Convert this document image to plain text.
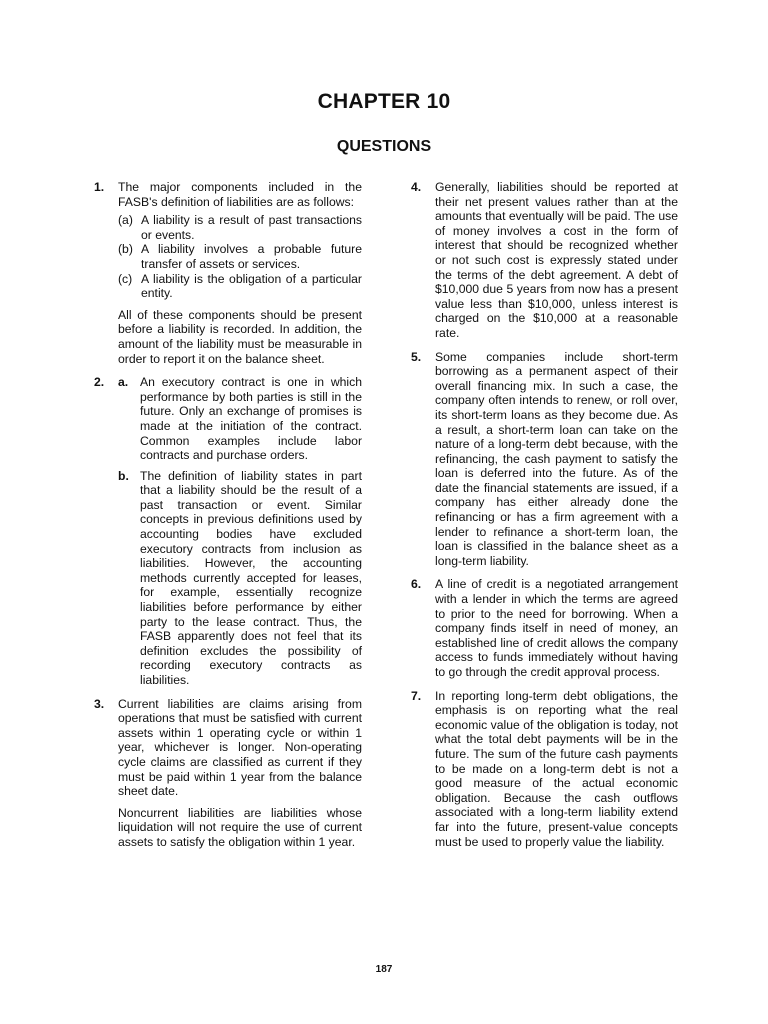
CHAPTER 10
QUESTIONS
1. The major components included in the FASB's definition of liabilities are as follows:

(a) A liability is a result of past transactions or events.
(b) A liability involves a probable future transfer of assets or services.
(c) A liability is the obligation of a particular entity.

All of these components should be present before a liability is recorded. In addition, the amount of the liability must be measurable in order to report it on the balance sheet.

2. a. An executory contract is one in which performance by both parties is still in the future. Only an exchange of promises is made at the initiation of the contract. Common examples include labor contracts and purchase orders.

b. The definition of liability states in part that a liability should be the result of a past transaction or event. Similar concepts in previous definitions used by accounting bodies have excluded executory contracts from inclusion as liabilities. However, the accounting methods currently accepted for leases, for example, essentially recognize liabilities before performance by either party to the lease contract. Thus, the FASB apparently does not feel that its definition excludes the possibility of recording executory contracts as liabilities.

3. Current liabilities are claims arising from operations that must be satisfied with current assets within 1 operating cycle or within 1 year, whichever is longer. Non-operating cycle claims are classified as current if they must be paid within 1 year from the balance sheet date.

Noncurrent liabilities are liabilities whose liquidation will not require the use of current assets to satisfy the obligation within 1 year.

4. Generally, liabilities should be reported at their net present values rather than at the amounts that eventually will be paid. The use of money involves a cost in the form of interest that should be recognized whether or not such cost is expressly stated under the terms of the debt agreement. A debt of $10,000 due 5 years from now has a present value less than $10,000, unless interest is charged on the $10,000 at a reasonable rate.

5. Some companies include short-term borrowing as a permanent aspect of their overall financing mix. In such a case, the company often intends to renew, or roll over, its short-term loans as they become due. As a result, a short-term loan can take on the nature of a long-term debt because, with the refinancing, the cash payment to satisfy the loan is deferred into the future. As of the date the financial statements are issued, if a company has either already done the refinancing or has a firm agreement with a lender to refinance a short-term loan, the loan is classified in the balance sheet as a long-term liability.

6. A line of credit is a negotiated arrangement with a lender in which the terms are agreed to prior to the need for borrowing. When a company finds itself in need of money, an established line of credit allows the company access to funds immediately without having to go through the credit approval process.

7. In reporting long-term debt obligations, the emphasis is on reporting what the real economic value of the obligation is today, not what the total debt payments will be in the future. The sum of the future cash payments to be made on a long-term debt is not a good measure of the actual economic obligation. Because the cash outflows associated with a long-term liability extend far into the future, present-value concepts must be used to properly value the liability.

187
